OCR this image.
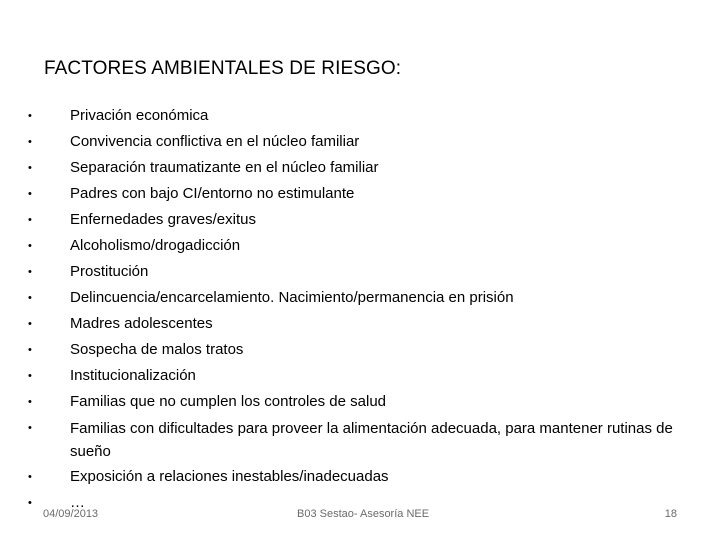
FACTORES AMBIENTALES DE RIESGO:
•	Privación económica
•	Convivencia conflictiva en el núcleo familiar
•	Separación traumatizante en el núcleo familiar
•	Padres con bajo CI/entorno no estimulante
•	Enfernedades graves/exitus
•	Alcoholismo/drogadicción
•	Prostitución
•	Delincuencia/encarcelamiento. Nacimiento/permanencia en prisión
•	Madres adolescentes
•	Sospecha de malos tratos
•	Institucionalización
•	Familias que no cumplen los controles de salud
•	Familias con dificultades para proveer la alimentación adecuada, para mantener rutinas de sueño
•	Exposición a relaciones inestables/inadecuadas
•	…
04/09/2013	B03 Sestao- Asesoría NEE	18
